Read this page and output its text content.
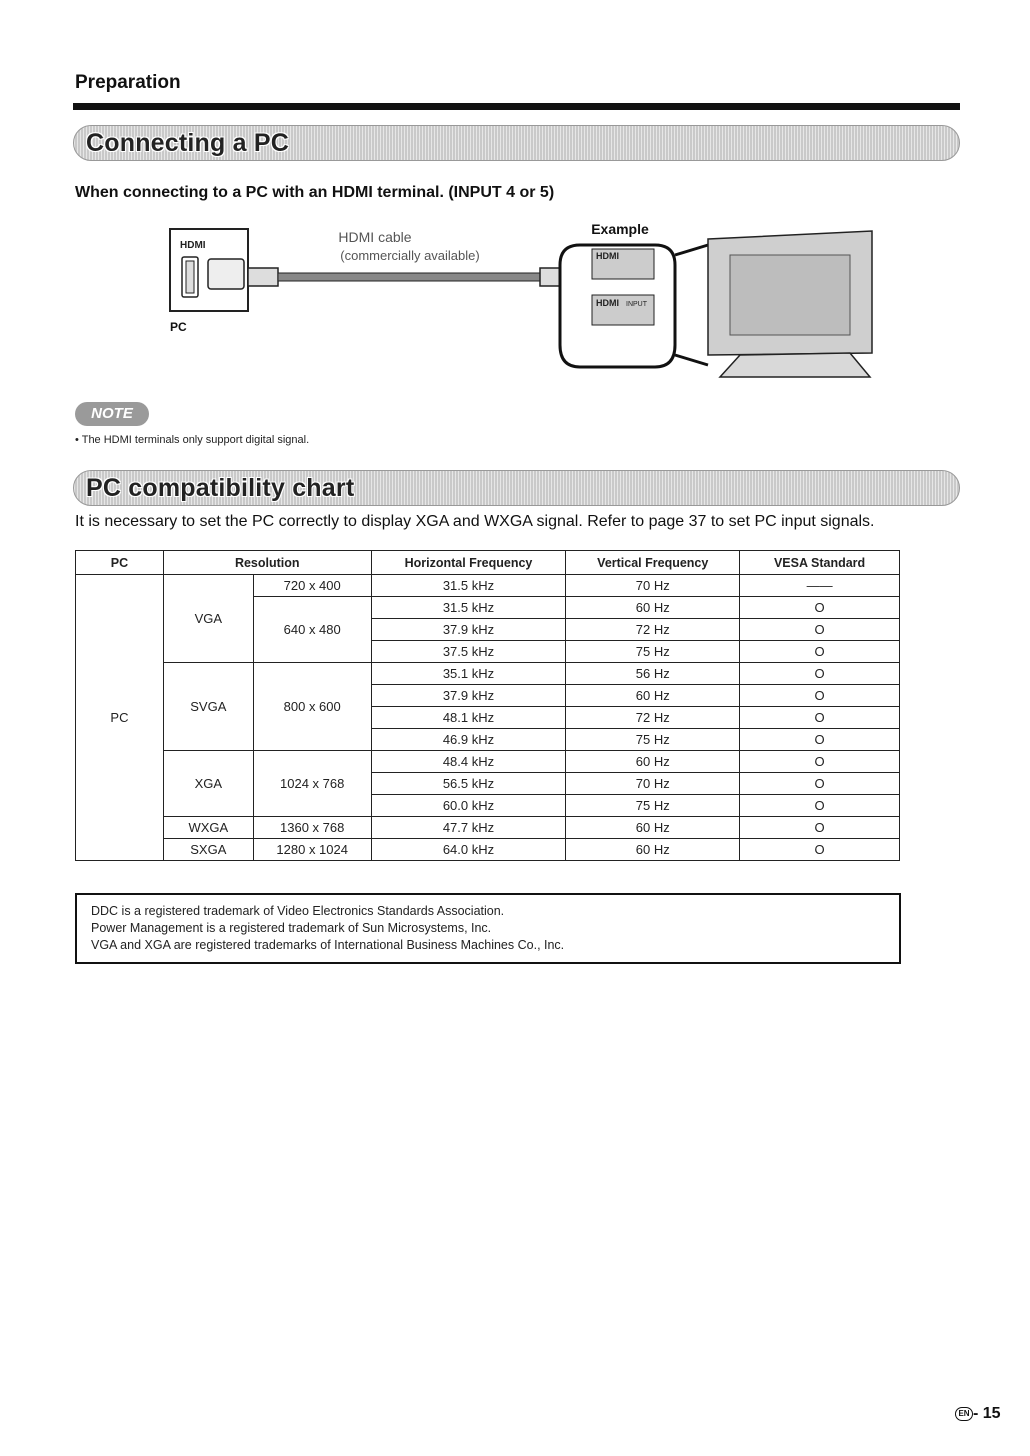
Preparation
Connecting a PC
When connecting to a PC with an HDMI terminal. (INPUT 4 or 5)
HDMI
PC
HDMI cable
(commercially available)
Example
HDMI
HDMI INPUT
NOTE
• The HDMI terminals only support digital signal.
PC compatibility chart
It is necessary to set the PC correctly to display XGA and WXGA signal. Refer to page 37 to set PC input signals.
PC	Resolution		Horizontal Frequency	Vertical Frequency	VESA Standard
PC	VGA	720 x 400	31.5 kHz	70 Hz	——
		640 x 480	31.5 kHz	60 Hz	O
			37.9 kHz	72 Hz	O
			37.5 kHz	75 Hz	O
	SVGA	800 x 600	35.1 kHz	56 Hz	O
			37.9 kHz	60 Hz	O
			48.1 kHz	72 Hz	O
			46.9 kHz	75 Hz	O
	XGA	1024 x 768	48.4 kHz	60 Hz	O
			56.5 kHz	70 Hz	O
			60.0 kHz	75 Hz	O
	WXGA	1360 x 768	47.7 kHz	60 Hz	O
	SXGA	1280 x 1024	64.0 kHz	60 Hz	O
DDC is a registered trademark of Video Electronics Standards Association.
Power Management is a registered trademark of Sun Microsystems, Inc.
VGA and XGA are registered trademarks of International Business Machines Co., Inc.
EN - 15
